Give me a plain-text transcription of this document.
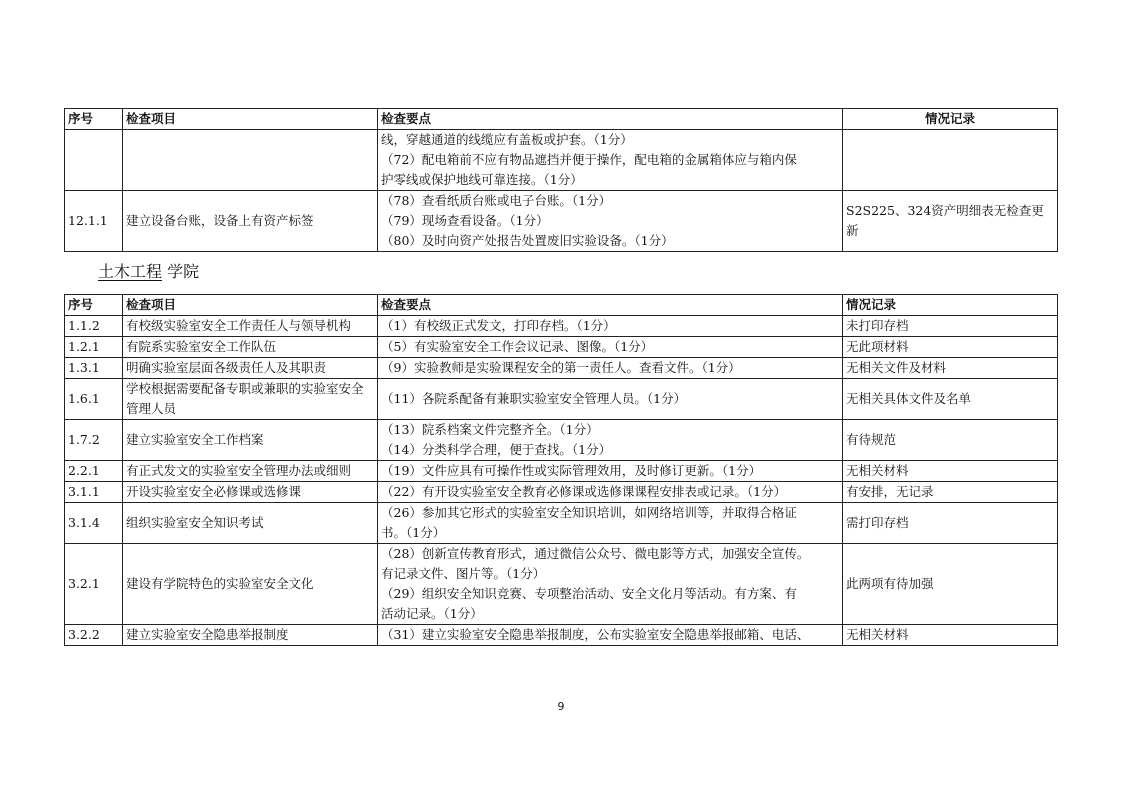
序号	检查项目	检查要点	情况记录

		线，穿越通道的线缆应有盖板或护套。（1分）
（72）配电箱前不应有物品遮挡并便于操作，配电箱的金属箱体应与箱内保
护零线或保护地线可靠连接。（1分）	

12.1.1	建立设备台账，设备上有资产标签	（78）查看纸质台账或电子台账。（1分）
（79）现场查看设备。（1分）
（80）及时向资产处报告处置废旧实验设备。（1分）	S2S225、324资产明细表无检查更新
土木工程 学院
序号	检查项目	检查要点	情况记录
1.1.2	有校级实验室安全工作责任人与领导机构	（1）有校级正式发文，打印存档。（1分）	未打印存档
1.2.1	有院系实验室安全工作队伍	（5）有实验室安全工作会议记录、图像。（1分）	无此项材料
1.3.1	明确实验室层面各级责任人及其职责	（9）实验教师是实验课程安全的第一责任人。查看文件。（1分）	无相关文件及材料
1.6.1	学校根据需要配备专职或兼职的实验室安全管理人员	（11）各院系配备有兼职实验室安全管理人员。（1分）	无相关具体文件及名单
1.7.2	建立实验室安全工作档案	（13）院系档案文件完整齐全。（1分）
（14）分类科学合理，便于查找。（1分）	有待规范
2.2.1	有正式发文的实验室安全管理办法或细则	（19）文件应具有可操作性或实际管理效用，及时修订更新。（1分）	无相关材料
3.1.1	开设实验室安全必修课或选修课	（22）有开设实验室安全教育必修课或选修课课程安排表或记录。（1分）	有安排，无记录
3.1.4	组织实验室安全知识考试	（26）参加其它形式的实验室安全知识培训，如网络培训等，并取得合格证
书。（1分）	需打印存档
3.2.1	建设有学院特色的实验室安全文化	（28）创新宣传教育形式，通过微信公众号、微电影等方式，加强安全宣传。
有记录文件、图片等。（1分）
（29）组织安全知识竞赛、专项整治活动、安全文化月等活动。有方案、有
活动记录。（1分）	此两项有待加强
3.2.2	建立实验室安全隐患举报制度	（31）建立实验室安全隐患举报制度，公布实验室安全隐患举报邮箱、电话、	无相关材料
9
